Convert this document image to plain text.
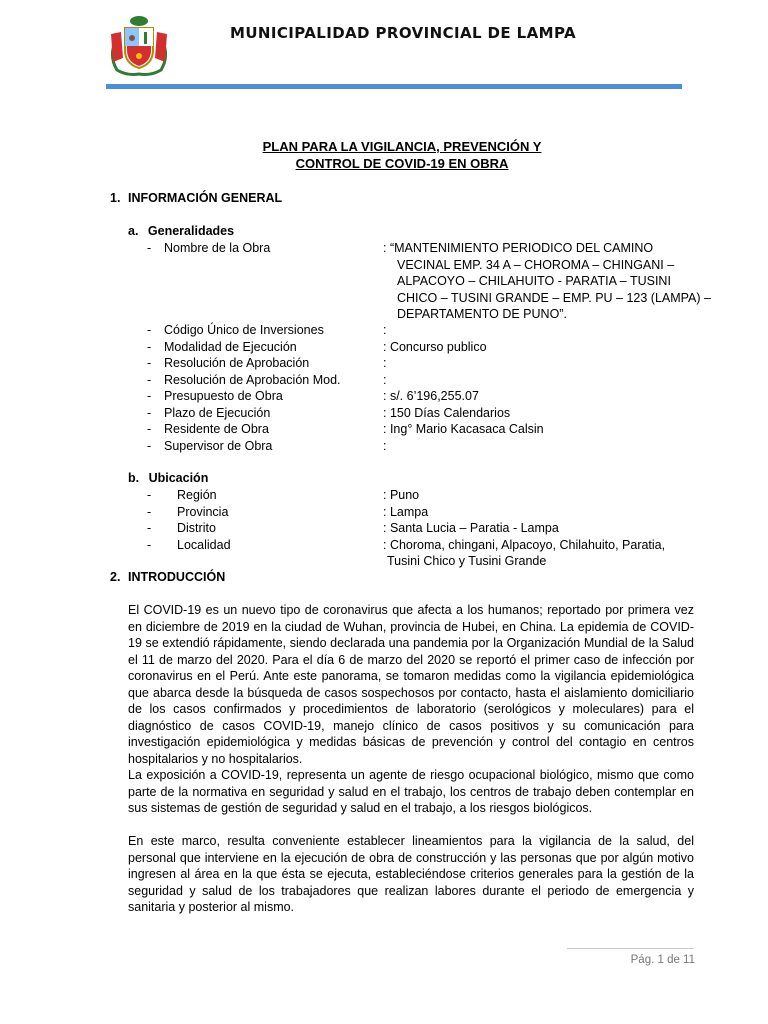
MUNICIPALIDAD PROVINCIAL DE LAMPA
PLAN PARA LA VIGILANCIA, PREVENCIÓN Y
CONTROL DE COVID-19 EN OBRA
1. INFORMACIÓN GENERAL
a. Generalidades
- Nombre de la Obra	: “MANTENIMIENTO PERIODICO DEL CAMINO
VECINAL EMP. 34 A – CHOROMA – CHINGANI –
ALPACOYO – CHILAHUITO - PARATIA – TUSINI
CHICO – TUSINI GRANDE – EMP. PU – 123 (LAMPA) –
DEPARTAMENTO DE PUNO”.
- Código Único de Inversiones	:
- Modalidad de Ejecución	: Concurso publico
- Resolución de Aprobación	:
- Resolución de Aprobación Mod.	:
- Presupuesto de Obra	: s/. 6’196,255.07
- Plazo de Ejecución	: 150 Días Calendarios
- Residente de Obra	: Ing° Mario Kacasaca Calsin
- Supervisor de Obra	:
b. Ubicación
- Región	: Puno
- Provincia	: Lampa
- Distrito	: Santa Lucia – Paratia - Lampa
- Localidad	: Choroma, chingani, Alpacoyo, Chilahuito, Paratia,
Tusini Chico y Tusini Grande
2. INTRODUCCIÓN
El COVID-19 es un nuevo tipo de coronavirus que afecta a los humanos; reportado por primera vez en diciembre de 2019 en la ciudad de Wuhan, provincia de Hubei, en China. La epidemia de COVID-19 se extendió rápidamente, siendo declarada una pandemia por la Organización Mundial de la Salud el 11 de marzo del 2020. Para el día 6 de marzo del 2020 se reportó el primer caso de infección por coronavirus en el Perú. Ante este panorama, se tomaron medidas como la vigilancia epidemiológica que abarca desde la búsqueda de casos sospechosos por contacto, hasta el aislamiento domiciliario de los casos confirmados y procedimientos de laboratorio (serológicos y moleculares) para el diagnóstico de casos COVID-19, manejo clínico de casos positivos y su comunicación para investigación epidemiológica y medidas básicas de prevención y control del contagio en centros hospitalarios y no hospitalarios.
La exposición a COVID-19, representa un agente de riesgo ocupacional biológico, mismo que como parte de la normativa en seguridad y salud en el trabajo, los centros de trabajo deben contemplar en sus sistemas de gestión de seguridad y salud en el trabajo, a los riesgos biológicos.
En este marco, resulta conveniente establecer lineamientos para la vigilancia de la salud, del personal que interviene en la ejecución de obra de construcción y las personas que por algún motivo ingresen al área en la que ésta se ejecuta, estableciéndose criterios generales para la gestión de la seguridad y salud de los trabajadores que realizan labores durante el periodo de emergencia y sanitaria y posterior al mismo.
Pág. 1 de 11
